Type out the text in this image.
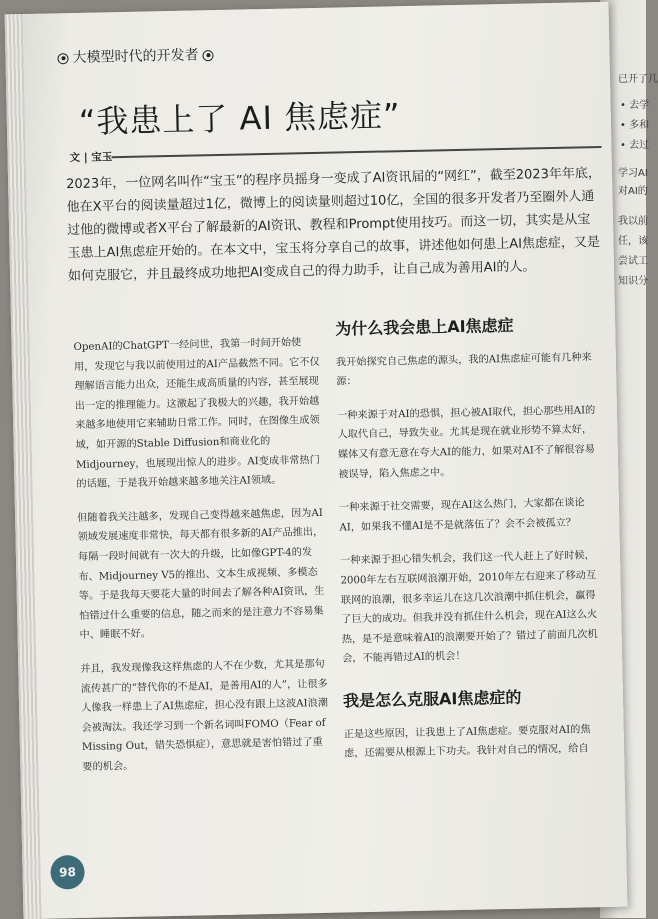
已开了几
• 去学
• 多和
• 去过
学习AI
对AI的
我以前
任，该
尝试工
知识分
大模型时代的开发者
“我患上了 AI 焦虑症”
文 | 宝玉
2023年，一位网名叫作“宝玉”的程序员摇身一变成了AI资讯届的“网红”，截至2023年年底，他在X平台的阅读量超过1亿，微博上的阅读量则超过10亿，全国的很多开发者乃至圈外人通过他的微博或者X平台了解最新的AI资讯、教程和Prompt使用技巧。而这一切，其实是从宝玉患上AI焦虑症开始的。在本文中，宝玉将分享自己的故事，讲述他如何患上AI焦虑症，又是如何克服它，并且最终成功地把AI变成自己的得力助手，让自己成为善用AI的人。

OpenAI的ChatGPT一经问世，我第一时间开始使用，发现它与我以前使用过的AI产品截然不同。它不仅理解语言能力出众，还能生成高质量的内容，甚至展现出一定的推理能力。这激起了我极大的兴趣，我开始越来越多地使用它来辅助日常工作。同时，在图像生成领域，如开源的Stable Diffusion和商业化的Midjourney，也展现出惊人的进步。AI变成非常热门的话题，于是我开始越来越多地关注AI领域。

但随着我关注越多，发现自己变得越来越焦虑，因为AI领域发展速度非常快，每天都有很多新的AI产品推出，每隔一段时间就有一次大的升级，比如像GPT-4的发布、Midjourney V5的推出、文本生成视频、多模态等。于是我每天要花大量的时间去了解各种AI资讯，生怕错过什么重要的信息，随之而来的是注意力不容易集中、睡眠不好。

并且，我发现像我这样焦虑的人不在少数，尤其是那句流传甚广的“替代你的不是AI，是善用AI的人”，让很多人像我一样患上了AI焦虑症，担心没有跟上这波AI浪潮会被淘汰。我还学习到一个新名词叫FOMO（Fear of Missing Out，错失恐惧症），意思就是害怕错过了重要的机会。

为什么我会患上AI焦虑症

我开始探究自己焦虑的源头，我的AI焦虑症可能有几种来源：

一种来源于对AI的恐惧，担心被AI取代，担心那些用AI的人取代自己，导致失业。尤其是现在就业形势不算太好，媒体又有意无意在夸大AI的能力，如果对AI不了解很容易被误导，陷入焦虑之中。

一种来源于社交需要，现在AI这么热门，大家都在谈论AI，如果我不懂AI是不是就落伍了？会不会被孤立？

一种来源于担心错失机会，我们这一代人赶上了好时候，2000年左右互联网浪潮开始，2010年左右迎来了移动互联网的浪潮，很多幸运儿在这几次浪潮中抓住机会，赢得了巨大的成功。但我并没有抓住什么机会，现在AI这么火热，是不是意味着AI的浪潮要开始了？错过了前面几次机会，不能再错过AI的机会！

我是怎么克服AI焦虑症的

正是这些原因，让我患上了AI焦虑症。要克服对AI的焦虑，还需要从根源上下功夫。我针对自己的情况，给自

98
